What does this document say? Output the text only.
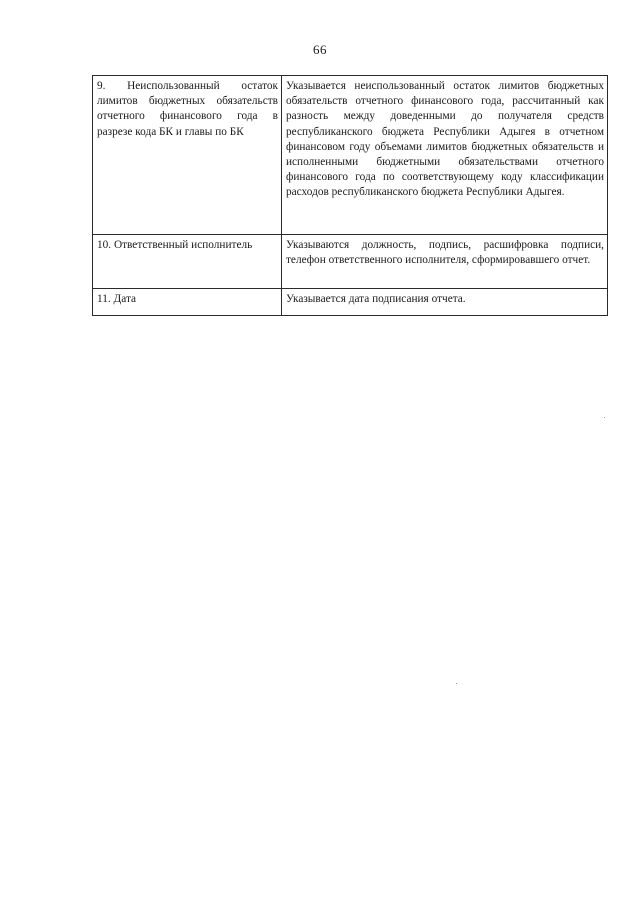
66
9. Неиспользованный остаток лимитов бюджетных обязательств отчетного финансового года в разрезе кода БК и главы по БК	Указывается неиспользованный остаток лимитов бюджетных обязательств отчетного финансового года, рассчитанный как разность между доведенными до получателя средств республиканского бюджета Республики Адыгея в отчетном финансовом году объемами лимитов бюджетных обязательств и исполненными бюджетными обязательствами отчетного финансового года по соответствующему коду классификации расходов республиканского бюджета Республики Адыгея.
10. Ответственный исполнитель	Указываются должность, подпись, расшифровка подписи, телефон ответственного исполнителя, сформировавшего отчет.
11. Дата	Указывается дата подписания отчета.
